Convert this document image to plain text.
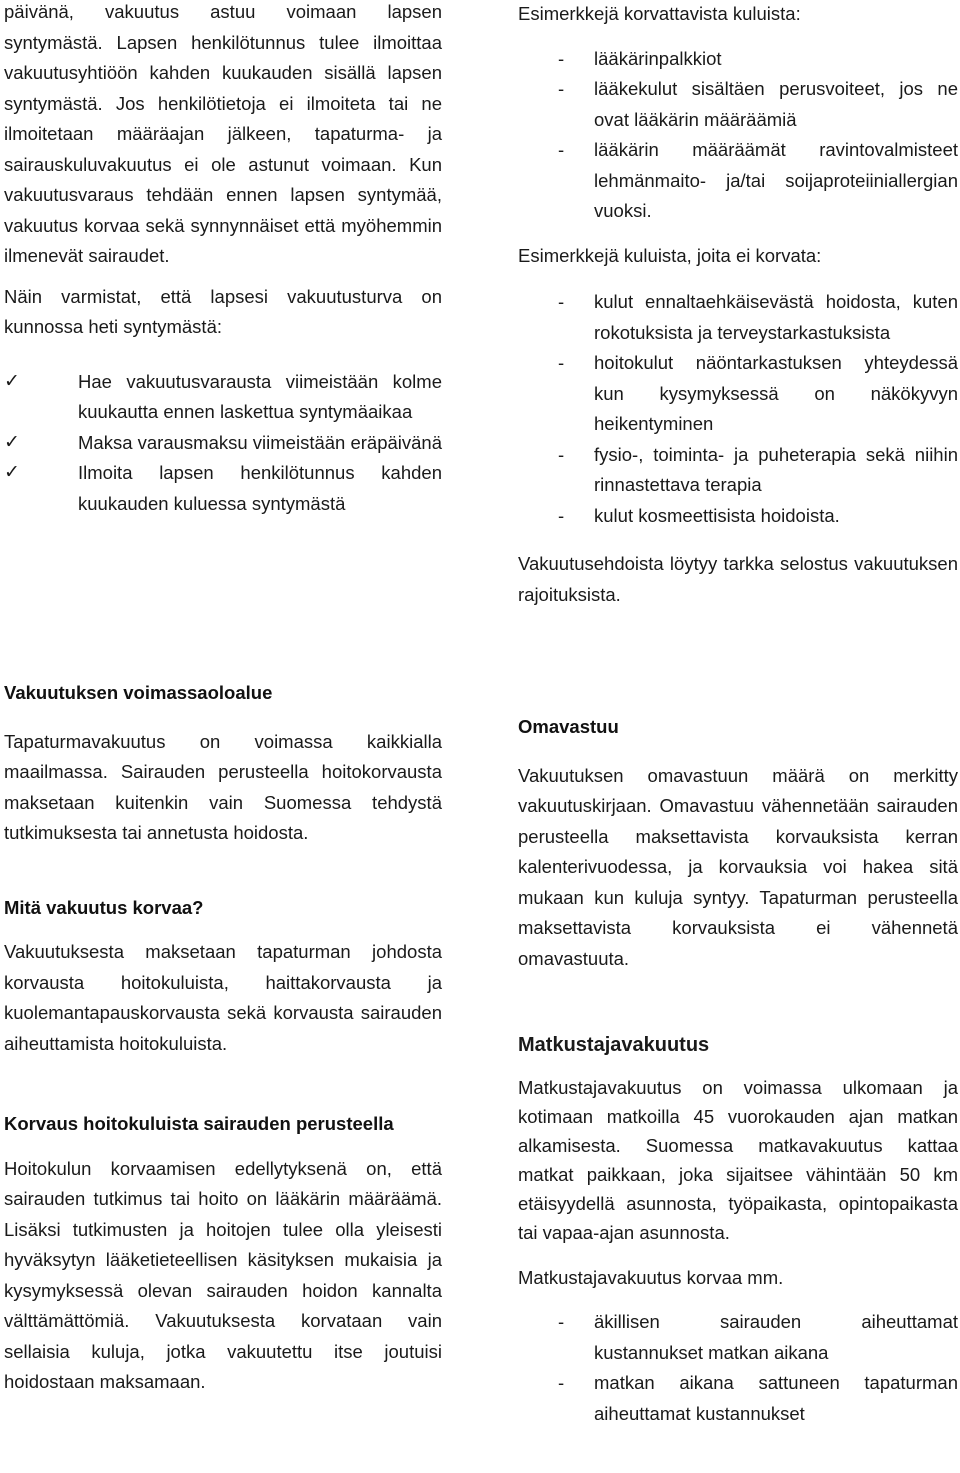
päivänä, vakuutus astuu voimaan lapsen syntymästä. Lapsen henkilötunnus tulee ilmoittaa vakuutusyhtiöön kahden kuukauden sisällä lapsen syntymästä. Jos henkilötietoja ei ilmoiteta tai ne ilmoitetaan määräajan jälkeen, tapaturma- ja sairauskuluvakuutus ei ole astunut voimaan. Kun vakuutusvaraus tehdään ennen lapsen syntymää, vakuutus korvaa sekä synnynnäiset että myöhemmin ilmenevät sairaudet.

Näin varmistat, että lapsesi vakuutusturva on kunnossa heti syntymästä:

✓	Hae vakuutusvarausta viimeistään kolme kuukautta ennen laskettua syntymäaikaa
✓	Maksa varausmaksu viimeistään eräpäivänä
✓	Ilmoita lapsen henkilötunnus kahden kuukauden kuluessa syntymästä

Esimerkkejä korvattavista kuluista:

- lääkärinpalkkiot
- lääkekulut sisältäen perusvoiteet, jos ne ovat lääkärin määräämiä
- lääkärin määräämät ravintovalmisteet lehmänmaito- ja/tai soijaproteiiniallergian vuoksi.

Esimerkkejä kuluista, joita ei korvata:

- kulut ennaltaehkäisevästä hoidosta, kuten rokotuksista ja terveystarkastuksista
- hoitokulut näöntarkastuksen yhteydessä kun kysymyksessä on näkökyvyn heikentyminen
- fysio-, toiminta- ja puheterapia sekä niihin rinnastettava terapia
- kulut kosmeettisista hoidoista.

Vakuutusehdoista löytyy tarkka selostus vakuutuksen rajoituksista.

Vakuutuksen voimassaoloalue

Tapaturmavakuutus on voimassa kaikkialla maailmassa. Sairauden perusteella hoitokorvausta maksetaan kuitenkin vain Suomessa tehdystä tutkimuksesta tai annetusta hoidosta.

Mitä vakuutus korvaa?

Vakuutuksesta maksetaan tapaturman johdosta korvausta hoitokuluista, haittakorvausta ja kuolemantapauskorvausta sekä korvausta sairauden aiheuttamista hoitokuluista.

Korvaus hoitokuluista sairauden perusteella

Hoitokulun korvaamisen edellytyksenä on, että sairauden tutkimus tai hoito on lääkärin määräämä. Lisäksi tutkimusten ja hoitojen tulee olla yleisesti hyväksytyn lääketieteellisen käsityksen mukaisia ja kysymyksessä olevan sairauden hoidon kannalta välttämättömiä. Vakuutuksesta korvataan vain sellaisia kuluja, jotka vakuutettu itse joutuisi hoidostaan maksamaan.

Omavastuu

Vakuutuksen omavastuun määrä on merkitty vakuutuskirjaan. Omavastuu vähennetään sairauden perusteella maksettavista korvauksista kerran kalenterivuodessa, ja korvauksia voi hakea sitä mukaan kun kuluja syntyy. Tapaturman perusteella maksettavista korvauksista ei vähennetä omavastuuta.

Matkustajavakuutus

Matkustajavakuutus on voimassa ulkomaan ja kotimaan matkoilla 45 vuorokauden ajan matkan alkamisesta. Suomessa matkavakuutus kattaa matkat paikkaan, joka sijaitsee vähintään 50 km etäisyydellä asunnosta, työpaikasta, opintopaikasta tai vapaa-ajan asunnosta.

Matkustajavakuutus korvaa mm.

- äkillisen sairauden aiheuttamat kustannukset matkan aikana
- matkan aikana sattuneen tapaturman aiheuttamat kustannukset
